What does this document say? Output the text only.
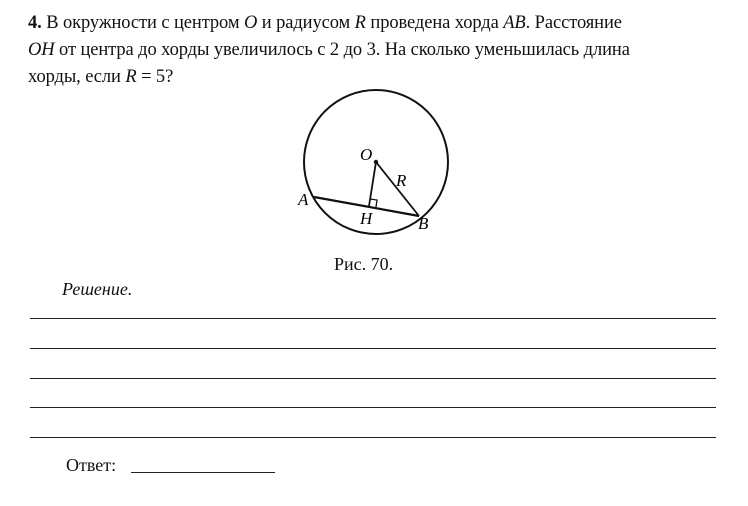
4. В окружности с центром O и радиусом R проведена хорда AB. Расстояние
OH от центра до хорды увеличилось с 2 до 3. На сколько уменьшилась длина
хорды, если R = 5?
O
R
A
H	B
Рис. 70.
Решение.
Ответ:
